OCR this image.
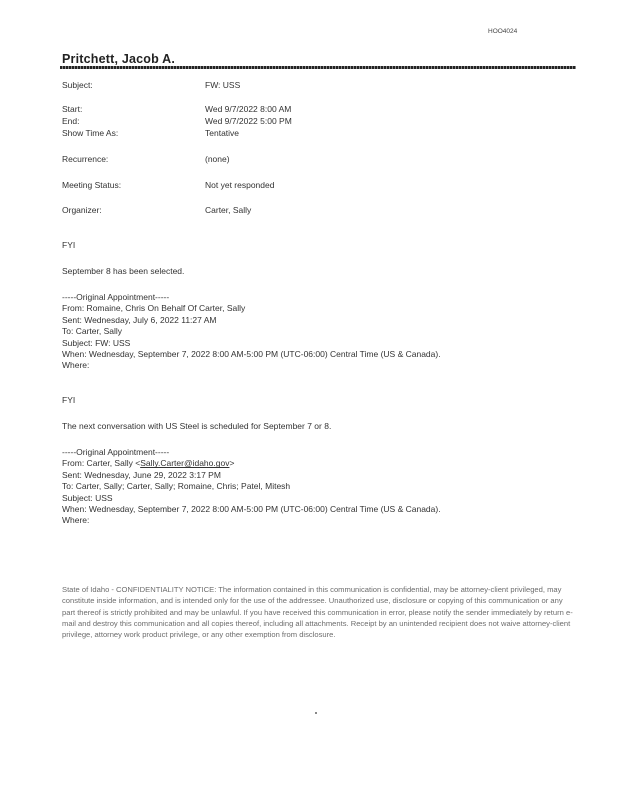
HOO4024
Pritchett, Jacob A.
Subject:	FW: USS
Start:	Wed 9/7/2022 8:00 AM
End:	Wed 9/7/2022 5:00 PM
Show Time As:	Tentative
Recurrence:	(none)
Meeting Status:	Not yet responded
Organizer:	Carter, Sally
FYI
September 8 has been selected.
-----Original Appointment-----
From: Romaine, Chris On Behalf Of Carter, Sally
Sent: Wednesday, July 6, 2022 11:27 AM
To: Carter, Sally
Subject: FW: USS
When: Wednesday, September 7, 2022 8:00 AM-5:00 PM (UTC-06:00) Central Time (US & Canada).
Where:
FYI
The next conversation with US Steel is scheduled for September 7 or 8.
-----Original Appointment-----
From: Carter, Sally <Sally.Carter@idaho.gov>
Sent: Wednesday, June 29, 2022 3:17 PM
To: Carter, Sally; Carter, Sally; Romaine, Chris; Patel, Mitesh
Subject: USS
When: Wednesday, September 7, 2022 8:00 AM-5:00 PM (UTC-06:00) Central Time (US & Canada).
Where:
State of Idaho - CONFIDENTIALITY NOTICE: The information contained in this communication is confidential, may be attorney-client privileged, may constitute inside information, and is intended only for the use of the addressee. Unauthorized use, disclosure or copying of this communication or any part thereof is strictly prohibited and may be unlawful. If you have received this communication in error, please notify the sender immediately by return e-mail and destroy this communication and all copies thereof, including all attachments. Receipt by an unintended recipient does not waive attorney-client privilege, attorney work product privilege, or any other exemption from disclosure.
